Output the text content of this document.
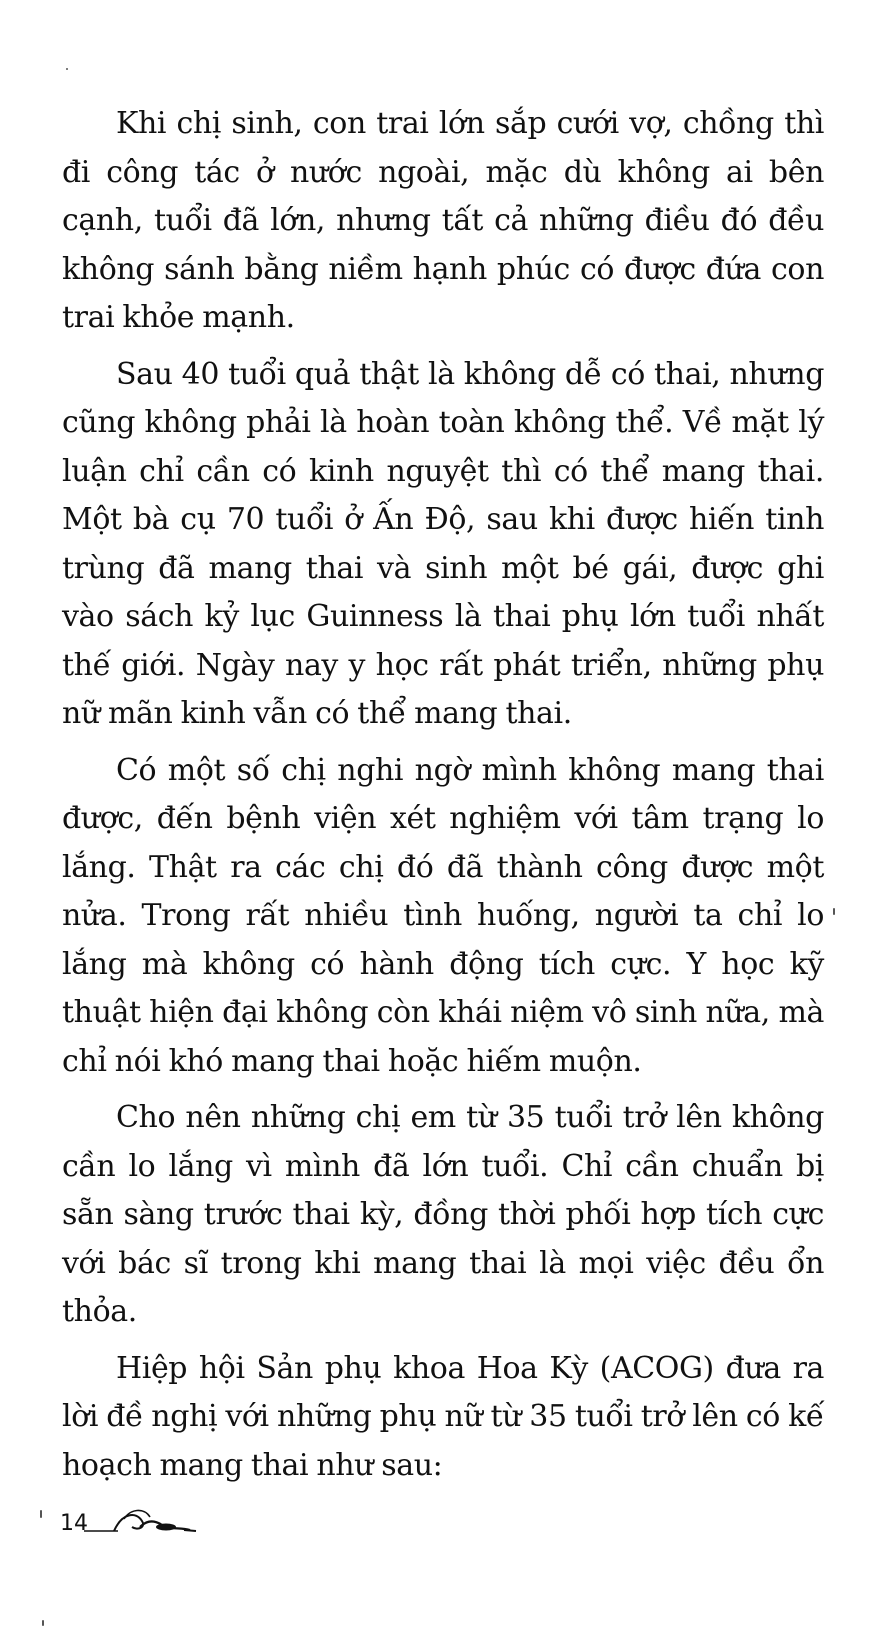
Khi chị sinh, con trai lớn sắp cưới vợ, chồng thì đi công tác ở nước ngoài, mặc dù không ai bên cạnh, tuổi đã lớn, nhưng tất cả những điều đó đều không sánh bằng niềm hạnh phúc có được đứa con trai khỏe mạnh.

Sau 40 tuổi quả thật là không dễ có thai, nhưng cũng không phải là hoàn toàn không thể. Về mặt lý luận chỉ cần có kinh nguyệt thì có thể mang thai. Một bà cụ 70 tuổi ở Ấn Độ, sau khi được hiến tinh trùng đã mang thai và sinh một bé gái, được ghi vào sách kỷ lục Guinness là thai phụ lớn tuổi nhất thế giới. Ngày nay y học rất phát triển, những phụ nữ mãn kinh vẫn có thể mang thai.

Có một số chị nghi ngờ mình không mang thai được, đến bệnh viện xét nghiệm với tâm trạng lo lắng. Thật ra các chị đó đã thành công được một nửa. Trong rất nhiều tình huống, người ta chỉ lo lắng mà không có hành động tích cực. Y học kỹ thuật hiện đại không còn khái niệm vô sinh nữa, mà chỉ nói khó mang thai hoặc hiếm muộn.

Cho nên những chị em từ 35 tuổi trở lên không cần lo lắng vì mình đã lớn tuổi. Chỉ cần chuẩn bị sẵn sàng trước thai kỳ, đồng thời phối hợp tích cực với bác sĩ trong khi mang thai là mọi việc đều ổn thỏa.

Hiệp hội Sản phụ khoa Hoa Kỳ (ACOG) đưa ra lời đề nghị với những phụ nữ từ 35 tuổi trở lên có kế hoạch mang thai như sau:

14
